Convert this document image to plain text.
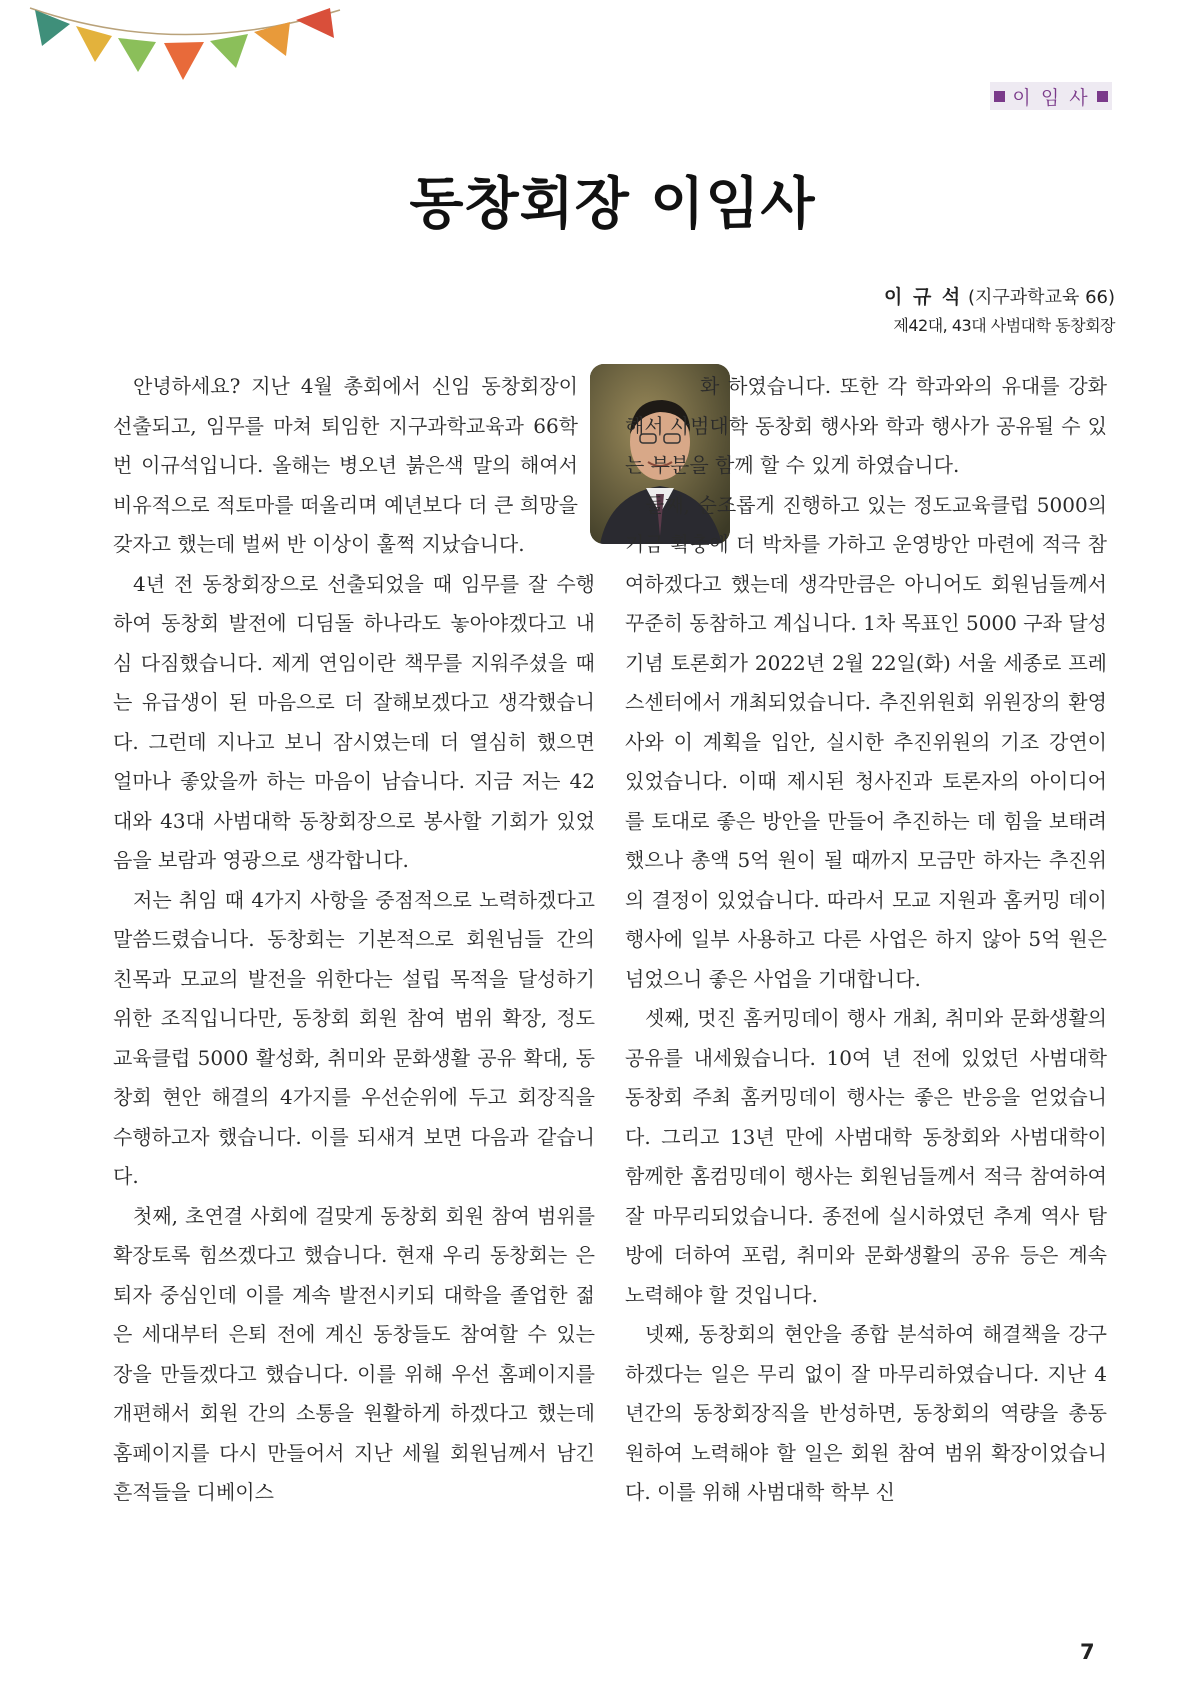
이 임 사
동창회장 이임사
이 규 석 (지구과학교육 66)
제42대, 43대 사범대학 동창회장

안녕하세요? 지난 4월 총회에서 신임 동창회장이 선출되고, 임무를 마쳐 퇴임한 지구과학교육과 66학번 이규석입니다. 올해는 병오년 붉은색 말의 해여서 비유적으로 적토마를 떠올리며 예년보다 더 큰 희망을 갖자고 했는데 벌써 반 이상이 훌쩍 지났습니다.

4년 전 동창회장으로 선출되었을 때 임무를 잘 수행하여 동창회 발전에 디딤돌 하나라도 놓아야겠다고 내심 다짐했습니다. 제게 연임이란 책무를 지워주셨을 때는 유급생이 된 마음으로 더 잘해보겠다고 생각했습니다. 그런데 지나고 보니 잠시였는데 더 열심히 했으면 얼마나 좋았을까 하는 마음이 남습니다. 지금 저는 42대와 43대 사범대학 동창회장으로 봉사할 기회가 있었음을 보람과 영광으로 생각합니다.

저는 취임 때 4가지 사항을 중점적으로 노력하겠다고 말씀드렸습니다. 동창회는 기본적으로 회원님들 간의 친목과 모교의 발전을 위한다는 설립 목적을 달성하기 위한 조직입니다만, 동창회 회원 참여 범위 확장, 정도교육클럽 5000 활성화, 취미와 문화생활 공유 확대, 동창회 현안 해결의 4가지를 우선순위에 두고 회장직을 수행하고자 했습니다. 이를 되새겨 보면 다음과 같습니다.

첫째, 초연결 사회에 걸맞게 동창회 회원 참여 범위를 확장토록 힘쓰겠다고 했습니다. 현재 우리 동창회는 은퇴자 중심인데 이를 계속 발전시키되 대학을 졸업한 젊은 세대부터 은퇴 전에 계신 동창들도 참여할 수 있는 장을 만들겠다고 했습니다. 이를 위해 우선 홈페이지를 개편해서 회원 간의 소통을 원활하게 하겠다고 했는데 홈페이지를 다시 만들어서 지난 세월 회원님께서 남긴 흔적들을 디베이스

화 하였습니다. 또한 각 학과와의 유대를 강화해서 사범대학 동창회 행사와 학과 행사가 공유될 수 있는 부분을 함께 할 수 있게 하였습니다.

둘째, 순조롭게 진행하고 있는 정도교육클럽 5000의 기금 확충에 더 박차를 가하고 운영방안 마련에 적극 참여하겠다고 했는데 생각만큼은 아니어도 회원님들께서 꾸준히 동참하고 계십니다. 1차 목표인 5000 구좌 달성 기념 토론회가 2022년 2월 22일(화) 서울 세종로 프레스센터에서 개최되었습니다. 추진위원회 위원장의 환영사와 이 계획을 입안, 실시한 추진위원의 기조 강연이 있었습니다. 이때 제시된 청사진과 토론자의 아이디어를 토대로 좋은 방안을 만들어 추진하는 데 힘을 보태려 했으나 총액 5억 원이 될 때까지 모금만 하자는 추진위의 결정이 있었습니다. 따라서 모교 지원과 홈커밍 데이 행사에 일부 사용하고 다른 사업은 하지 않아 5억 원은 넘었으니 좋은 사업을 기대합니다.

셋째, 멋진 홈커밍데이 행사 개최, 취미와 문화생활의 공유를 내세웠습니다. 10여 년 전에 있었던 사범대학 동창회 주최 홈커밍데이 행사는 좋은 반응을 얻었습니다. 그리고 13년 만에 사범대학 동창회와 사범대학이 함께한 홈컴밍데이 행사는 회원님들께서 적극 참여하여 잘 마무리되었습니다. 종전에 실시하였던 추계 역사 탐방에 더하여 포럼, 취미와 문화생활의 공유 등은 계속 노력해야 할 것입니다.

넷째, 동창회의 현안을 종합 분석하여 해결책을 강구하겠다는 일은 무리 없이 잘 마무리하였습니다. 지난 4년간의 동창회장직을 반성하면, 동창회의 역량을 총동원하여 노력해야 할 일은 회원 참여 범위 확장이었습니다. 이를 위해 사범대학 학부 신

7
